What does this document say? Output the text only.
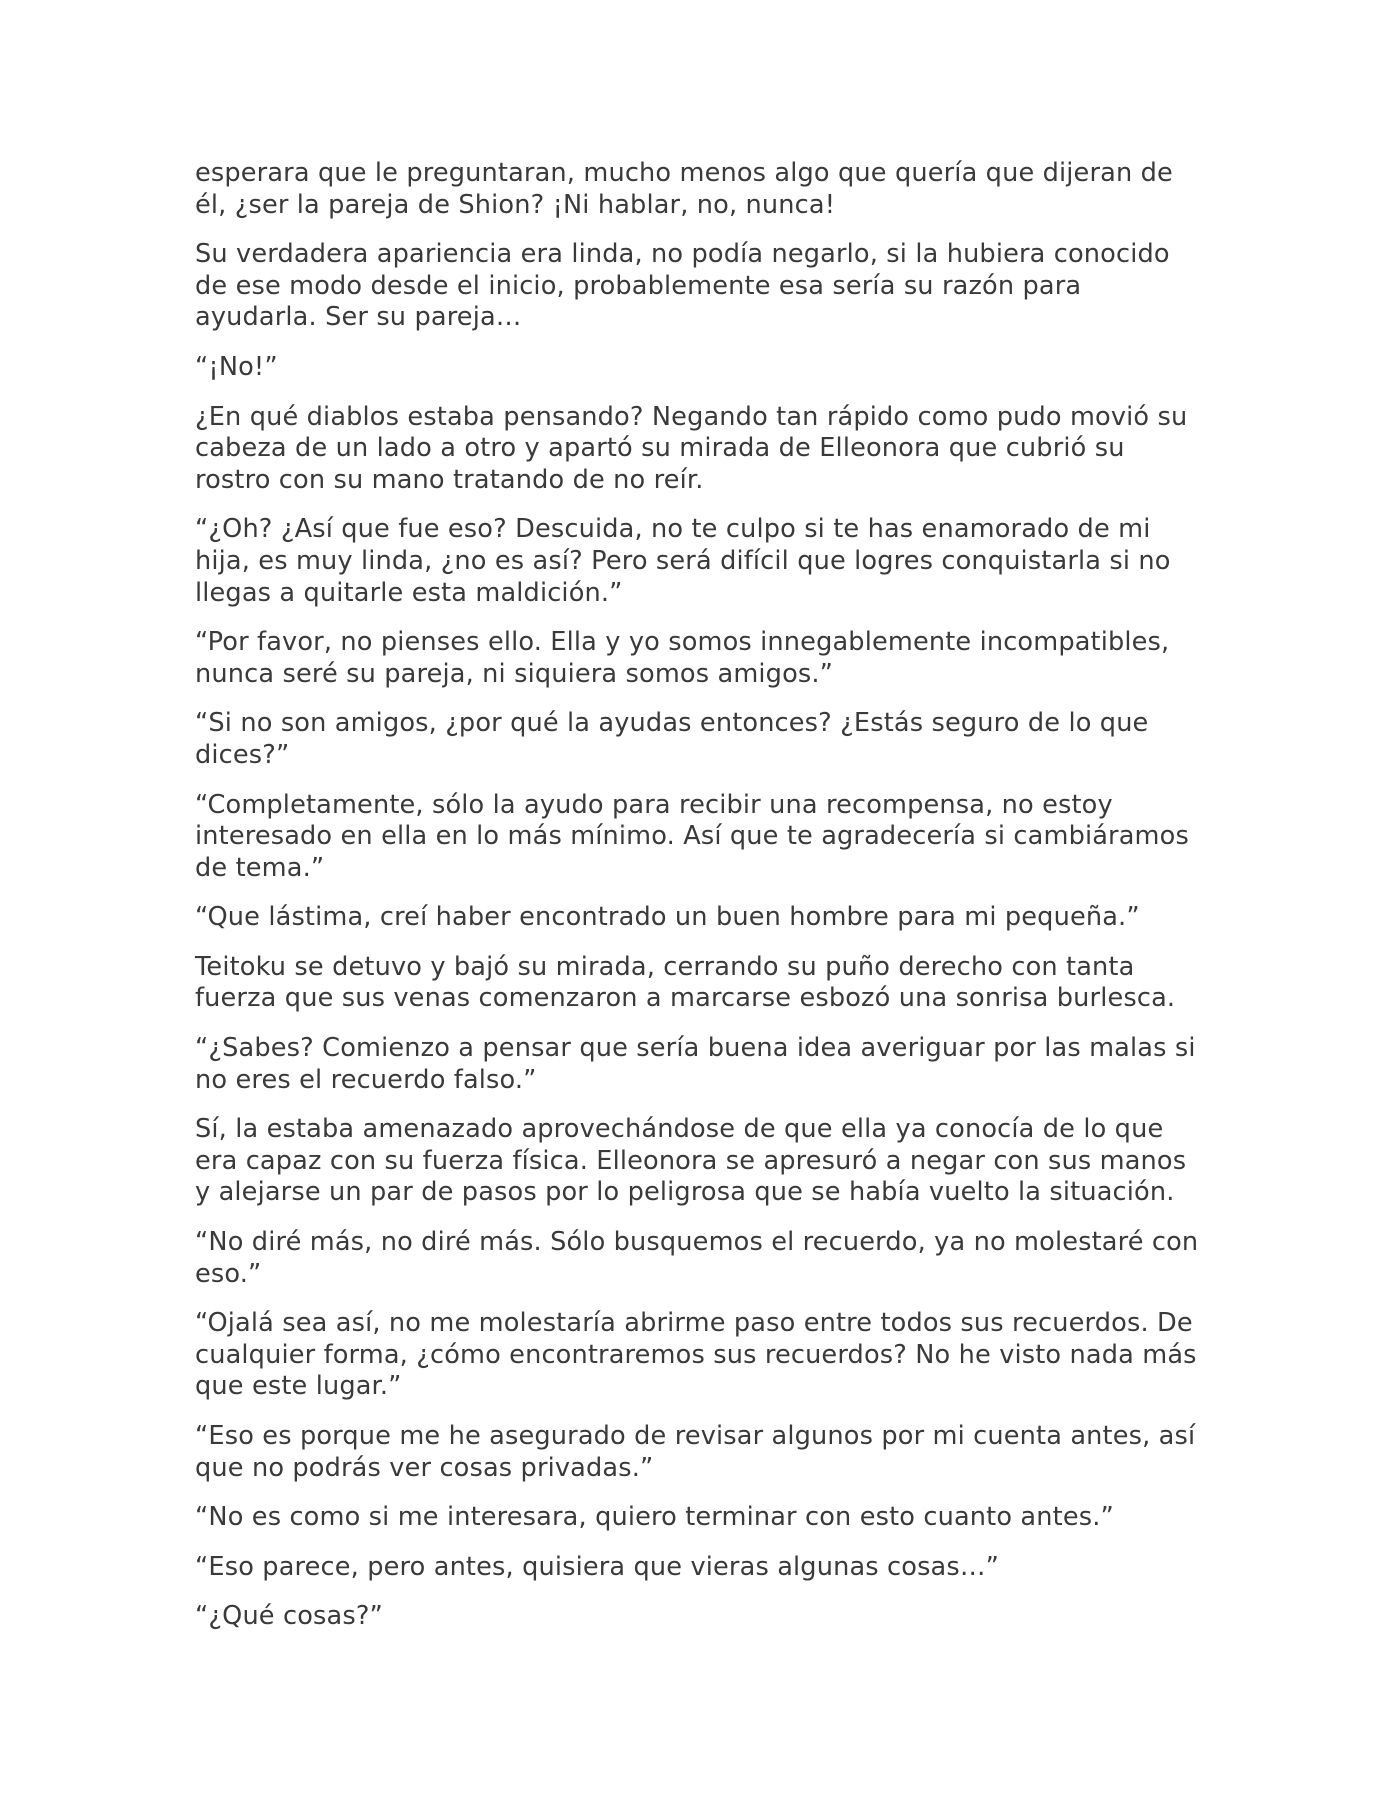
esperara que le preguntaran, mucho menos algo que quería que dijeran de él, ¿ser la pareja de Shion? ¡Ni hablar, no, nunca!

Su verdadera apariencia era linda, no podía negarlo, si la hubiera conocido de ese modo desde el inicio, probablemente esa sería su razón para ayudarla. Ser su pareja…

“¡No!”

¿En qué diablos estaba pensando? Negando tan rápido como pudo movió su cabeza de un lado a otro y apartó su mirada de Elleonora que cubrió su rostro con su mano tratando de no reír.

“¿Oh? ¿Así que fue eso? Descuida, no te culpo si te has enamorado de mi hija, es muy linda, ¿no es así? Pero será difícil que logres conquistarla si no llegas a quitarle esta maldición.”

“Por favor, no pienses ello. Ella y yo somos innegablemente incompatibles, nunca seré su pareja, ni siquiera somos amigos.”

“Si no son amigos, ¿por qué la ayudas entonces? ¿Estás seguro de lo que dices?”

“Completamente, sólo la ayudo para recibir una recompensa, no estoy interesado en ella en lo más mínimo. Así que te agradecería si cambiáramos de tema.”

“Que lástima, creí haber encontrado un buen hombre para mi pequeña.”

Teitoku se detuvo y bajó su mirada, cerrando su puño derecho con tanta fuerza que sus venas comenzaron a marcarse esbozó una sonrisa burlesca.

“¿Sabes? Comienzo a pensar que sería buena idea averiguar por las malas si no eres el recuerdo falso.”

Sí, la estaba amenazado aprovechándose de que ella ya conocía de lo que era capaz con su fuerza física. Elleonora se apresuró a negar con sus manos y alejarse un par de pasos por lo peligrosa que se había vuelto la situación.

“No diré más, no diré más. Sólo busquemos el recuerdo, ya no molestaré con eso.”

“Ojalá sea así, no me molestaría abrirme paso entre todos sus recuerdos. De cualquier forma, ¿cómo encontraremos sus recuerdos? No he visto nada más que este lugar.”

“Eso es porque me he asegurado de revisar algunos por mi cuenta antes, así que no podrás ver cosas privadas.”

“No es como si me interesara, quiero terminar con esto cuanto antes.”

“Eso parece, pero antes, quisiera que vieras algunas cosas…”

“¿Qué cosas?”
